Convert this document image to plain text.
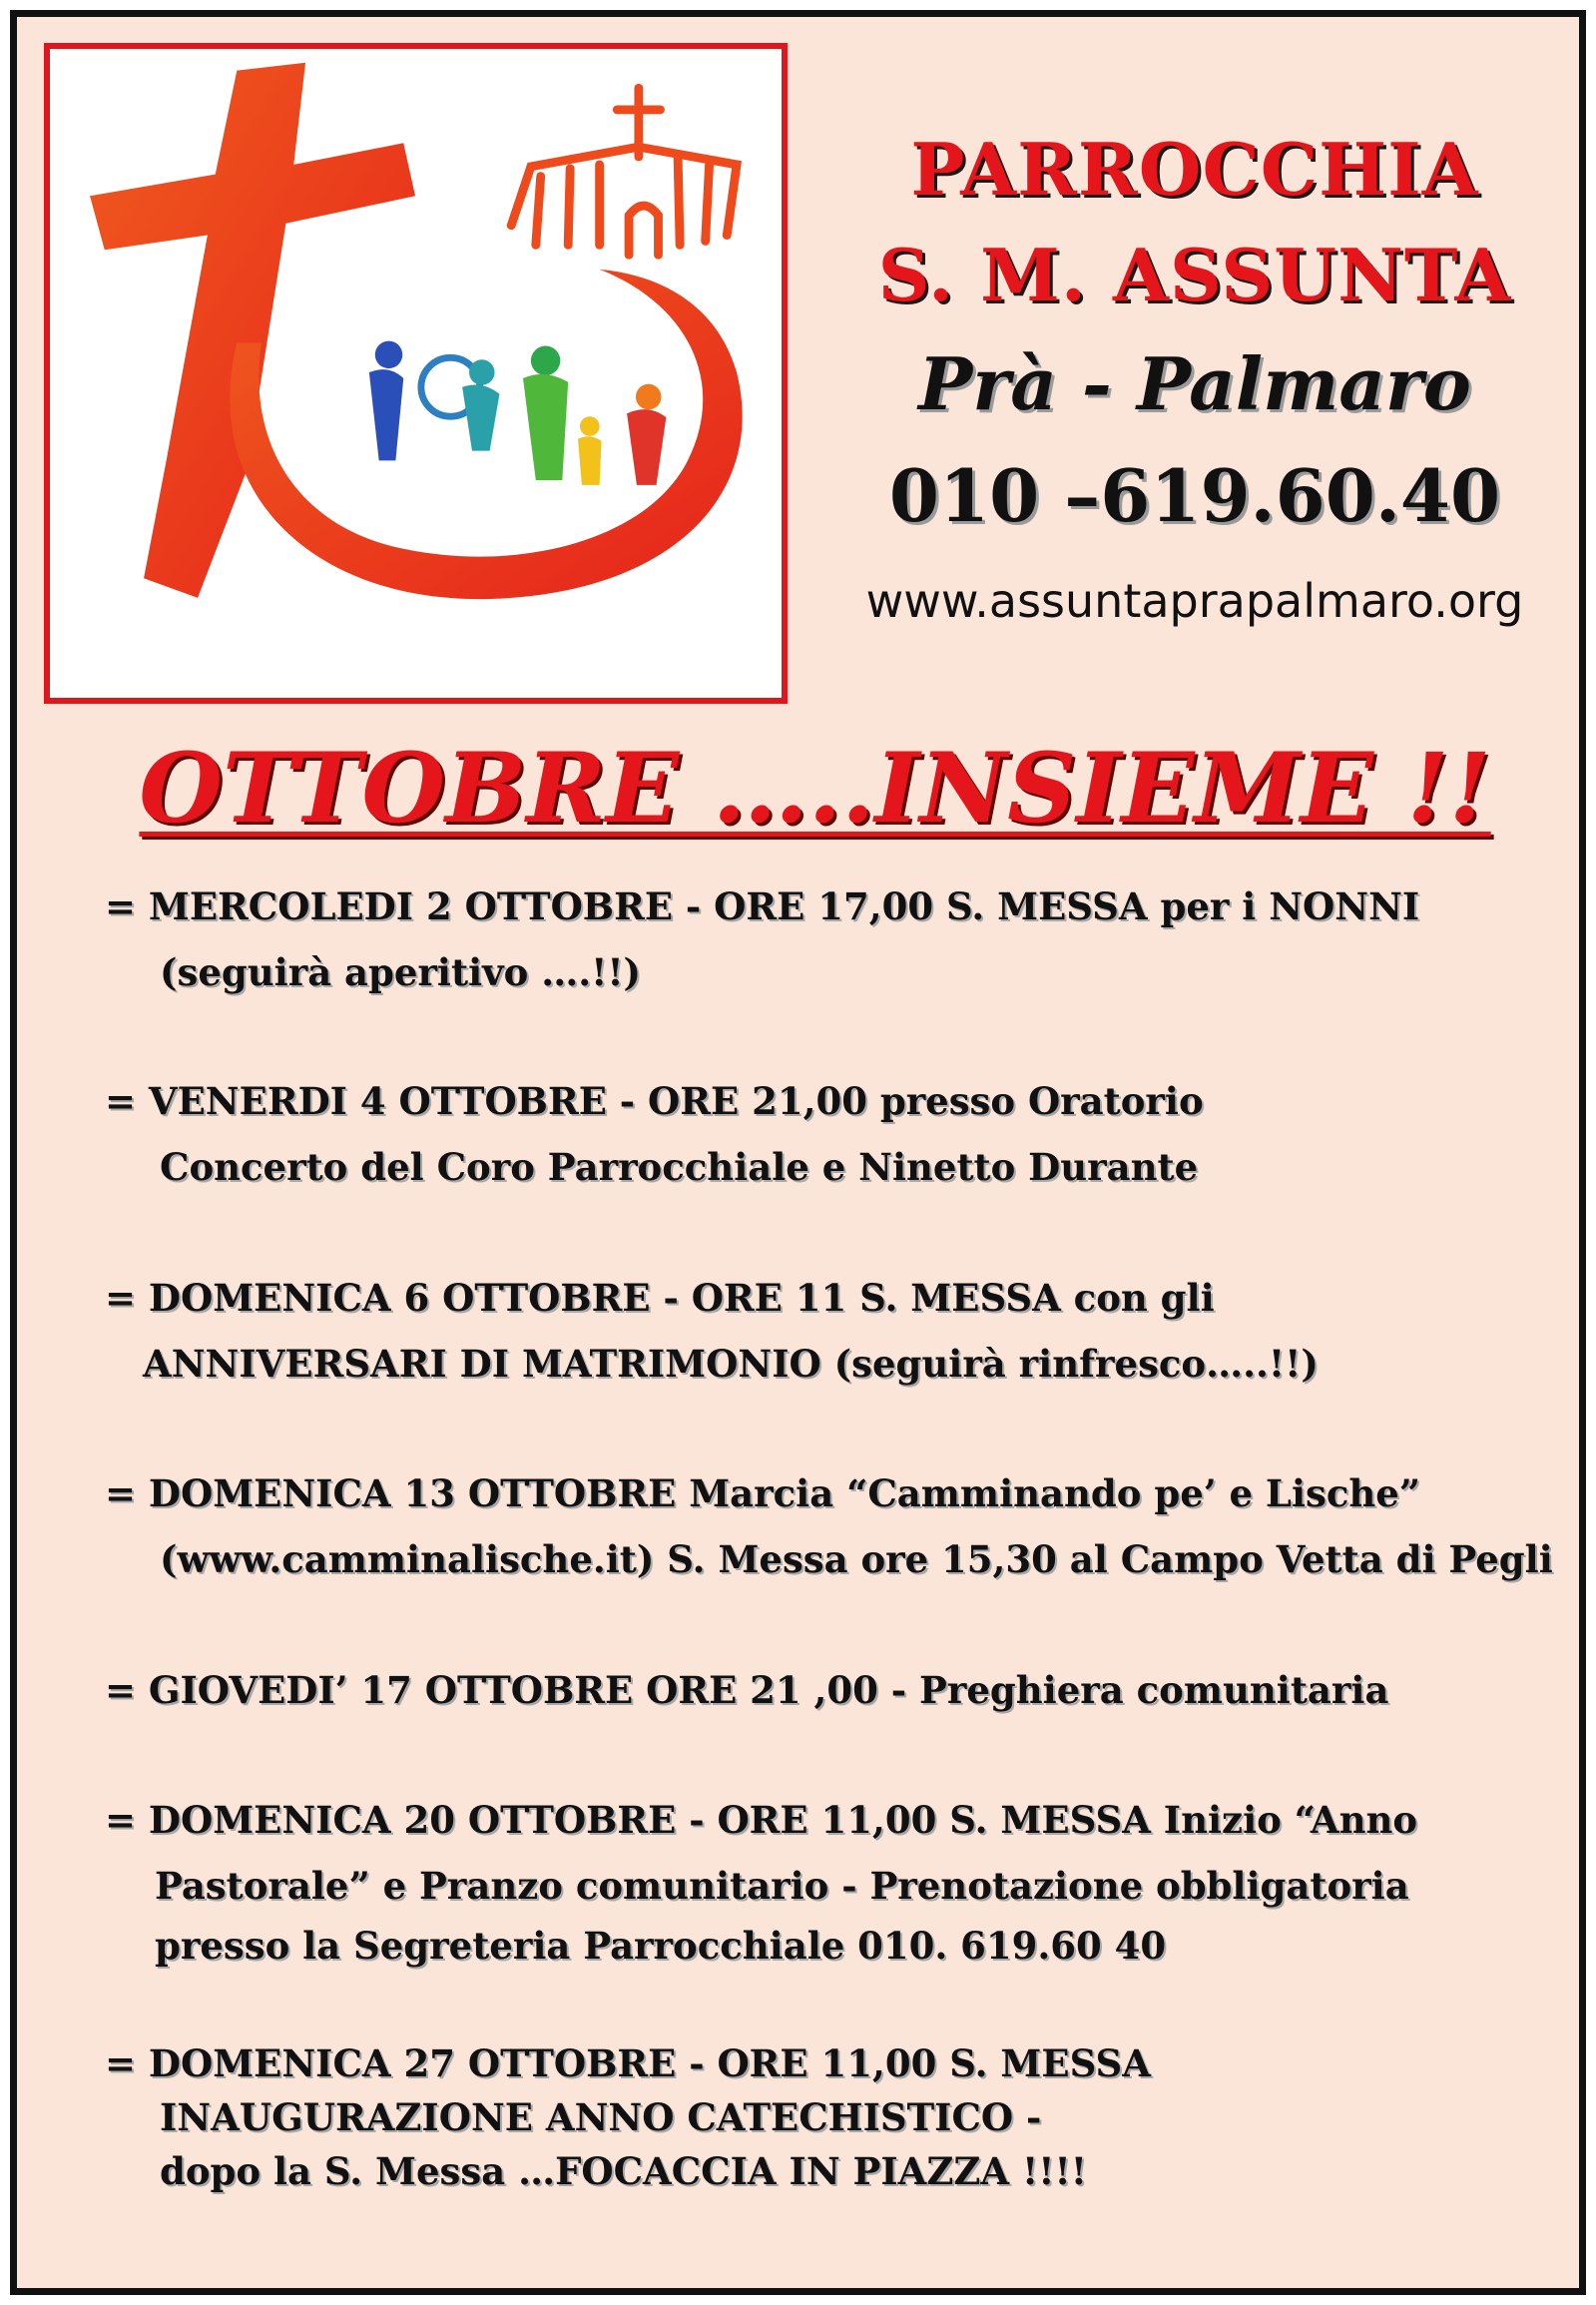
PARROCCHIA
S. M. ASSUNTA
Prà - Palmaro
010 –619.60.40
www.assuntaprapalmaro.org
OTTOBRE …..INSIEME !!
= MERCOLEDI 2 OTTOBRE - ORE 17,00 S. MESSA per i NONNI
(seguirà aperitivo ….!!)
= VENERDI 4 OTTOBRE - ORE 21,00 presso Oratorio
Concerto del Coro Parrocchiale e Ninetto Durante
= DOMENICA 6 OTTOBRE - ORE 11 S. MESSA con gli
ANNIVERSARI DI MATRIMONIO (seguirà rinfresco…..!!)
= DOMENICA 13 OTTOBRE Marcia “Camminando pe’ e Lische”
(www.camminalische.it) S. Messa ore 15,30 al Campo Vetta di Pegli
= GIOVEDI’ 17 OTTOBRE ORE 21 ,00 - Preghiera comunitaria
= DOMENICA 20 OTTOBRE - ORE 11,00 S. MESSA Inizio “Anno
Pastorale” e Pranzo comunitario - Prenotazione obbligatoria
presso la Segreteria Parrocchiale 010. 619.60 40
= DOMENICA 27 OTTOBRE - ORE 11,00 S. MESSA
INAUGURAZIONE ANNO CATECHISTICO -
dopo la S. Messa …FOCACCIA IN PIAZZA !!!!
